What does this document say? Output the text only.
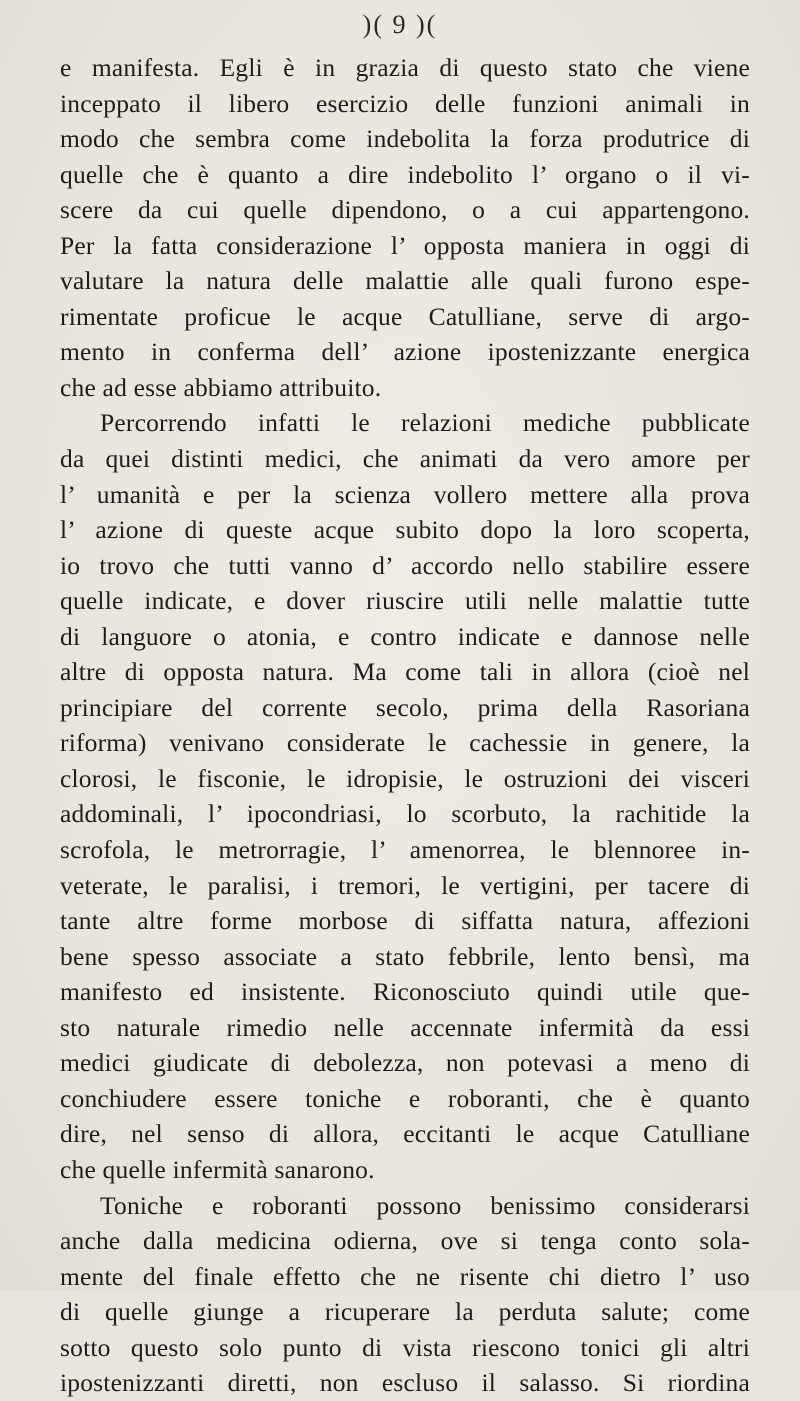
)( 9 )(
e manifesta. Egli è in grazia di questo stato che viene
inceppato il libero esercizio delle funzioni animali in
modo che sembra come indebolita la forza produtrice di
quelle che è quanto a dire indebolito l’ organo o il vi-
scere da cui quelle dipendono, o a cui appartengono.
Per la fatta considerazione l’ opposta maniera in oggi di
valutare la natura delle malattie alle quali furono espe-
rimentate proficue le acque Catulliane, serve di argo-
mento in conferma dell’ azione ipostenizzante energica
che ad esse abbiamo attribuito.
Percorrendo infatti le relazioni mediche pubblicate
da quei distinti medici, che animati da vero amore per
l’ umanità e per la scienza vollero mettere alla prova
l’ azione di queste acque subito dopo la loro scoperta,
io trovo che tutti vanno d’ accordo nello stabilire essere
quelle indicate, e dover riuscire utili nelle malattie tutte
di languore o atonia, e contro indicate e dannose nelle
altre di opposta natura. Ma come tali in allora (cioè nel
principiare del corrente secolo, prima della Rasoriana
riforma) venivano considerate le cachessie in genere, la
clorosi, le fisconie, le idropisie, le ostruzioni dei visceri
addominali, l’ ipocondriasi, lo scorbuto, la rachitide la
scrofola, le metrorragie, l’ amenorrea, le blennoree in-
veterate, le paralisi, i tremori, le vertigini, per tacere di
tante altre forme morbose di siffatta natura, affezioni
bene spesso associate a stato febbrile, lento bensì, ma
manifesto ed insistente. Riconosciuto quindi utile que-
sto naturale rimedio nelle accennate infermità da essi
medici giudicate di debolezza, non potevasi a meno di
conchiudere essere toniche e roboranti, che è quanto
dire, nel senso di allora, eccitanti le acque Catulliane
che quelle infermità sanarono.
Toniche e roboranti possono benissimo considerarsi
anche dalla medicina odierna, ove si tenga conto sola-
mente del finale effetto che ne risente chi dietro l’ uso
di quelle giunge a ricuperare la perduta salute; come
sotto questo solo punto di vista riescono tonici gli altri
ipostenizzanti diretti, non escluso il salasso. Si riordina
